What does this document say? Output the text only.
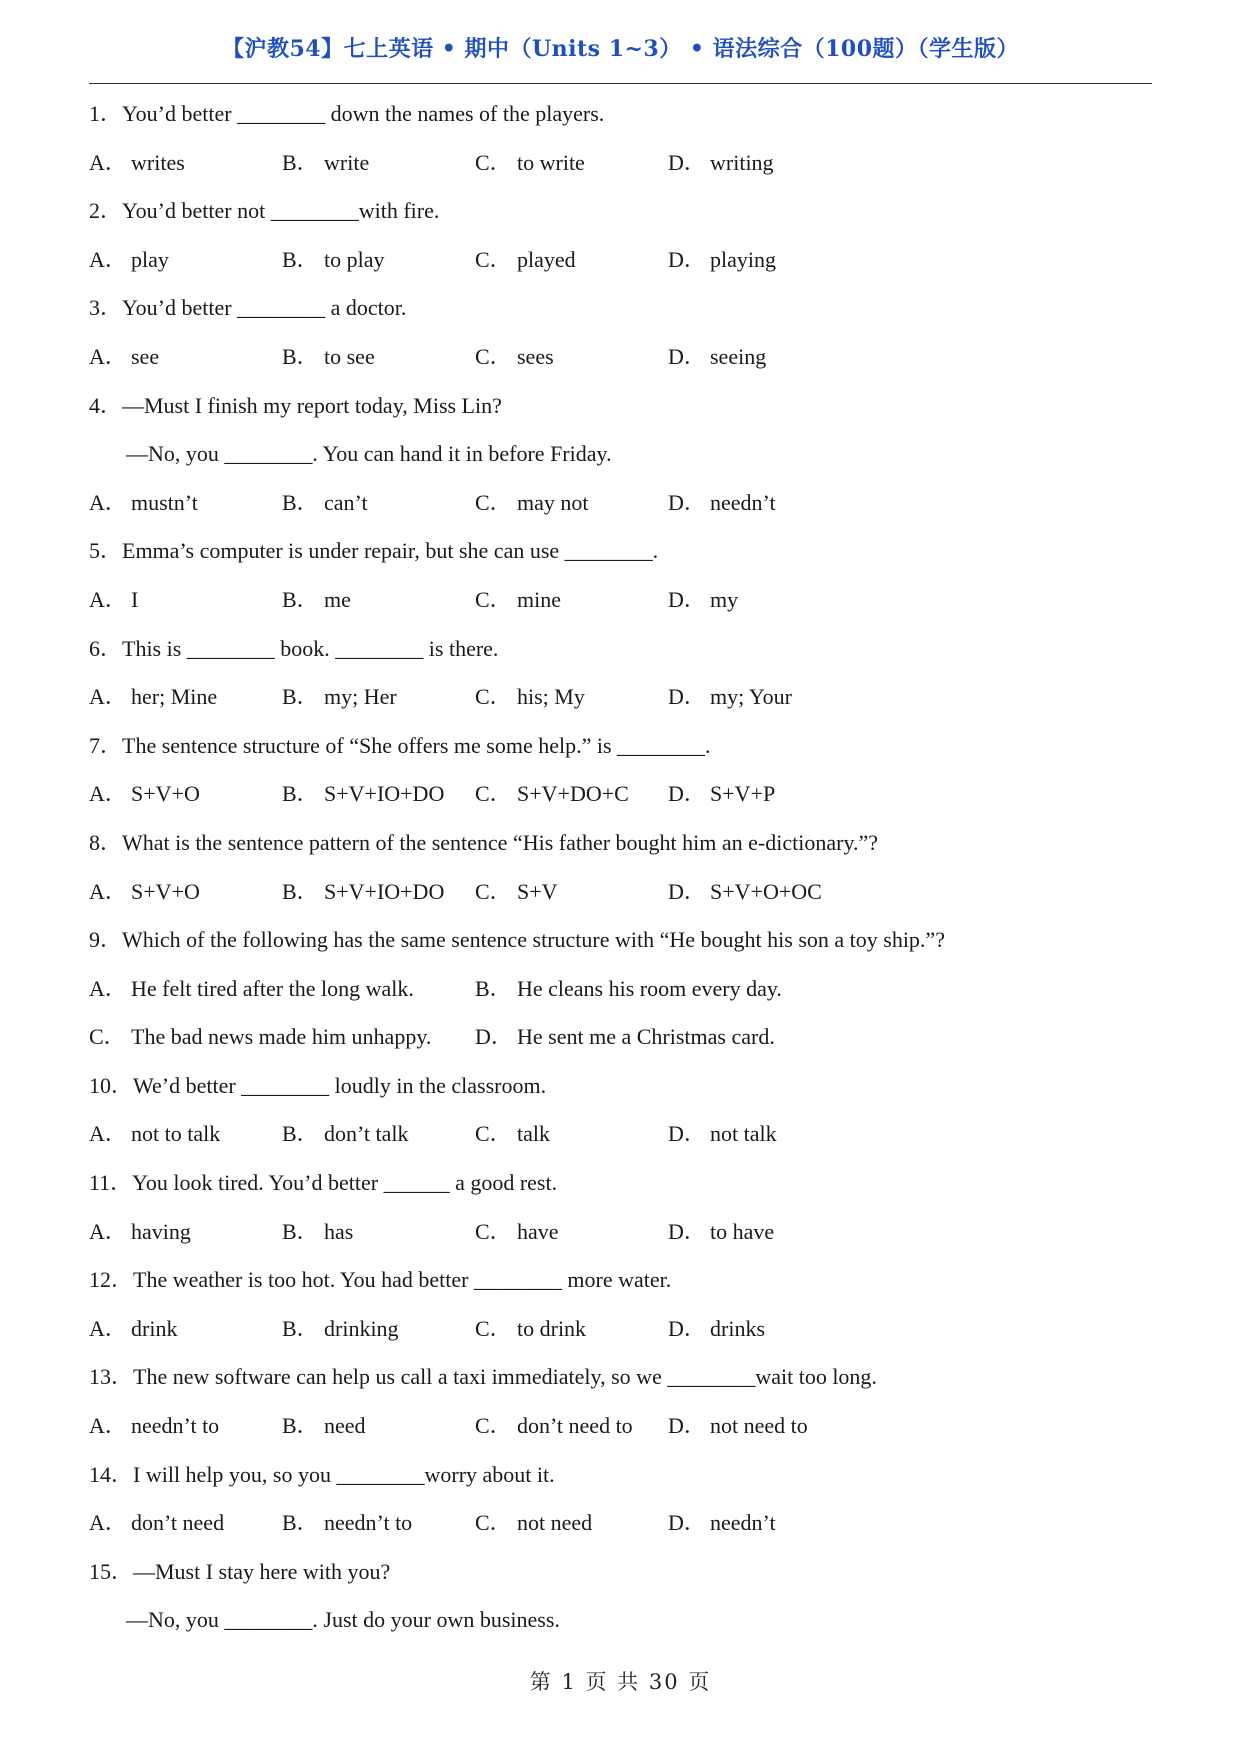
【沪教54】七上英语 • 期中（Units 1~3） • 语法综合（100题）（学生版）
1．You’d better ________ down the names of the players.
A． writes	B． write	C． to write	D． writing
2．You’d better not ________with fire.
A． play	B． to play	C． played	D． playing
3．You’d better ________ a doctor.
A． see	B． to see	C． sees	D． seeing
4．—Must I finish my report today, Miss Lin?
—No, you ________. You can hand it in before Friday.
A． mustn’t	B． can’t	C． may not	D． needn’t
5．Emma’s computer is under repair, but she can use ________.
A． I	B． me	C． mine	D． my
6．This is ________ book. ________ is there.
A． her; Mine	B． my; Her	C． his; My	D． my; Your
7．The sentence structure of “She offers me some help.” is ________.
A． S+V+O	B． S+V+IO+DO C． S+V+DO+C D． S+V+P
8．What is the sentence pattern of the sentence “His father bought him an e-dictionary.”?
A． S+V+O	B． S+V+IO+DO C． S+V	D． S+V+O+OC
9．Which of the following has the same sentence structure with “He bought his son a toy ship.”?
A． He felt tired after the long walk.	B． He cleans his room every day.
C． The bad news made him unhappy. D． He sent me a Christmas card.
10．We’d better ________ loudly in the classroom.
A． not to talk	B． don’t talk	C． talk	D． not talk
11．You look tired. You’d better ______ a good rest.
A． having	B． has	C． have	D． to have
12．The weather is too hot. You had better ________ more water.
A． drink	B． drinking	C． to drink	D． drinks
13．The new software can help us call a taxi immediately, so we ________wait too long.
A． needn’t to	B． need	C． don’t need to D． not need to
14．I will help you, so you ________worry about it.
A． don’t need	B． needn’t to	C． not need	D． needn’t
15．—Must I stay here with you?
—No, you ________. Just do your own business.
第 1 页 共 30 页
